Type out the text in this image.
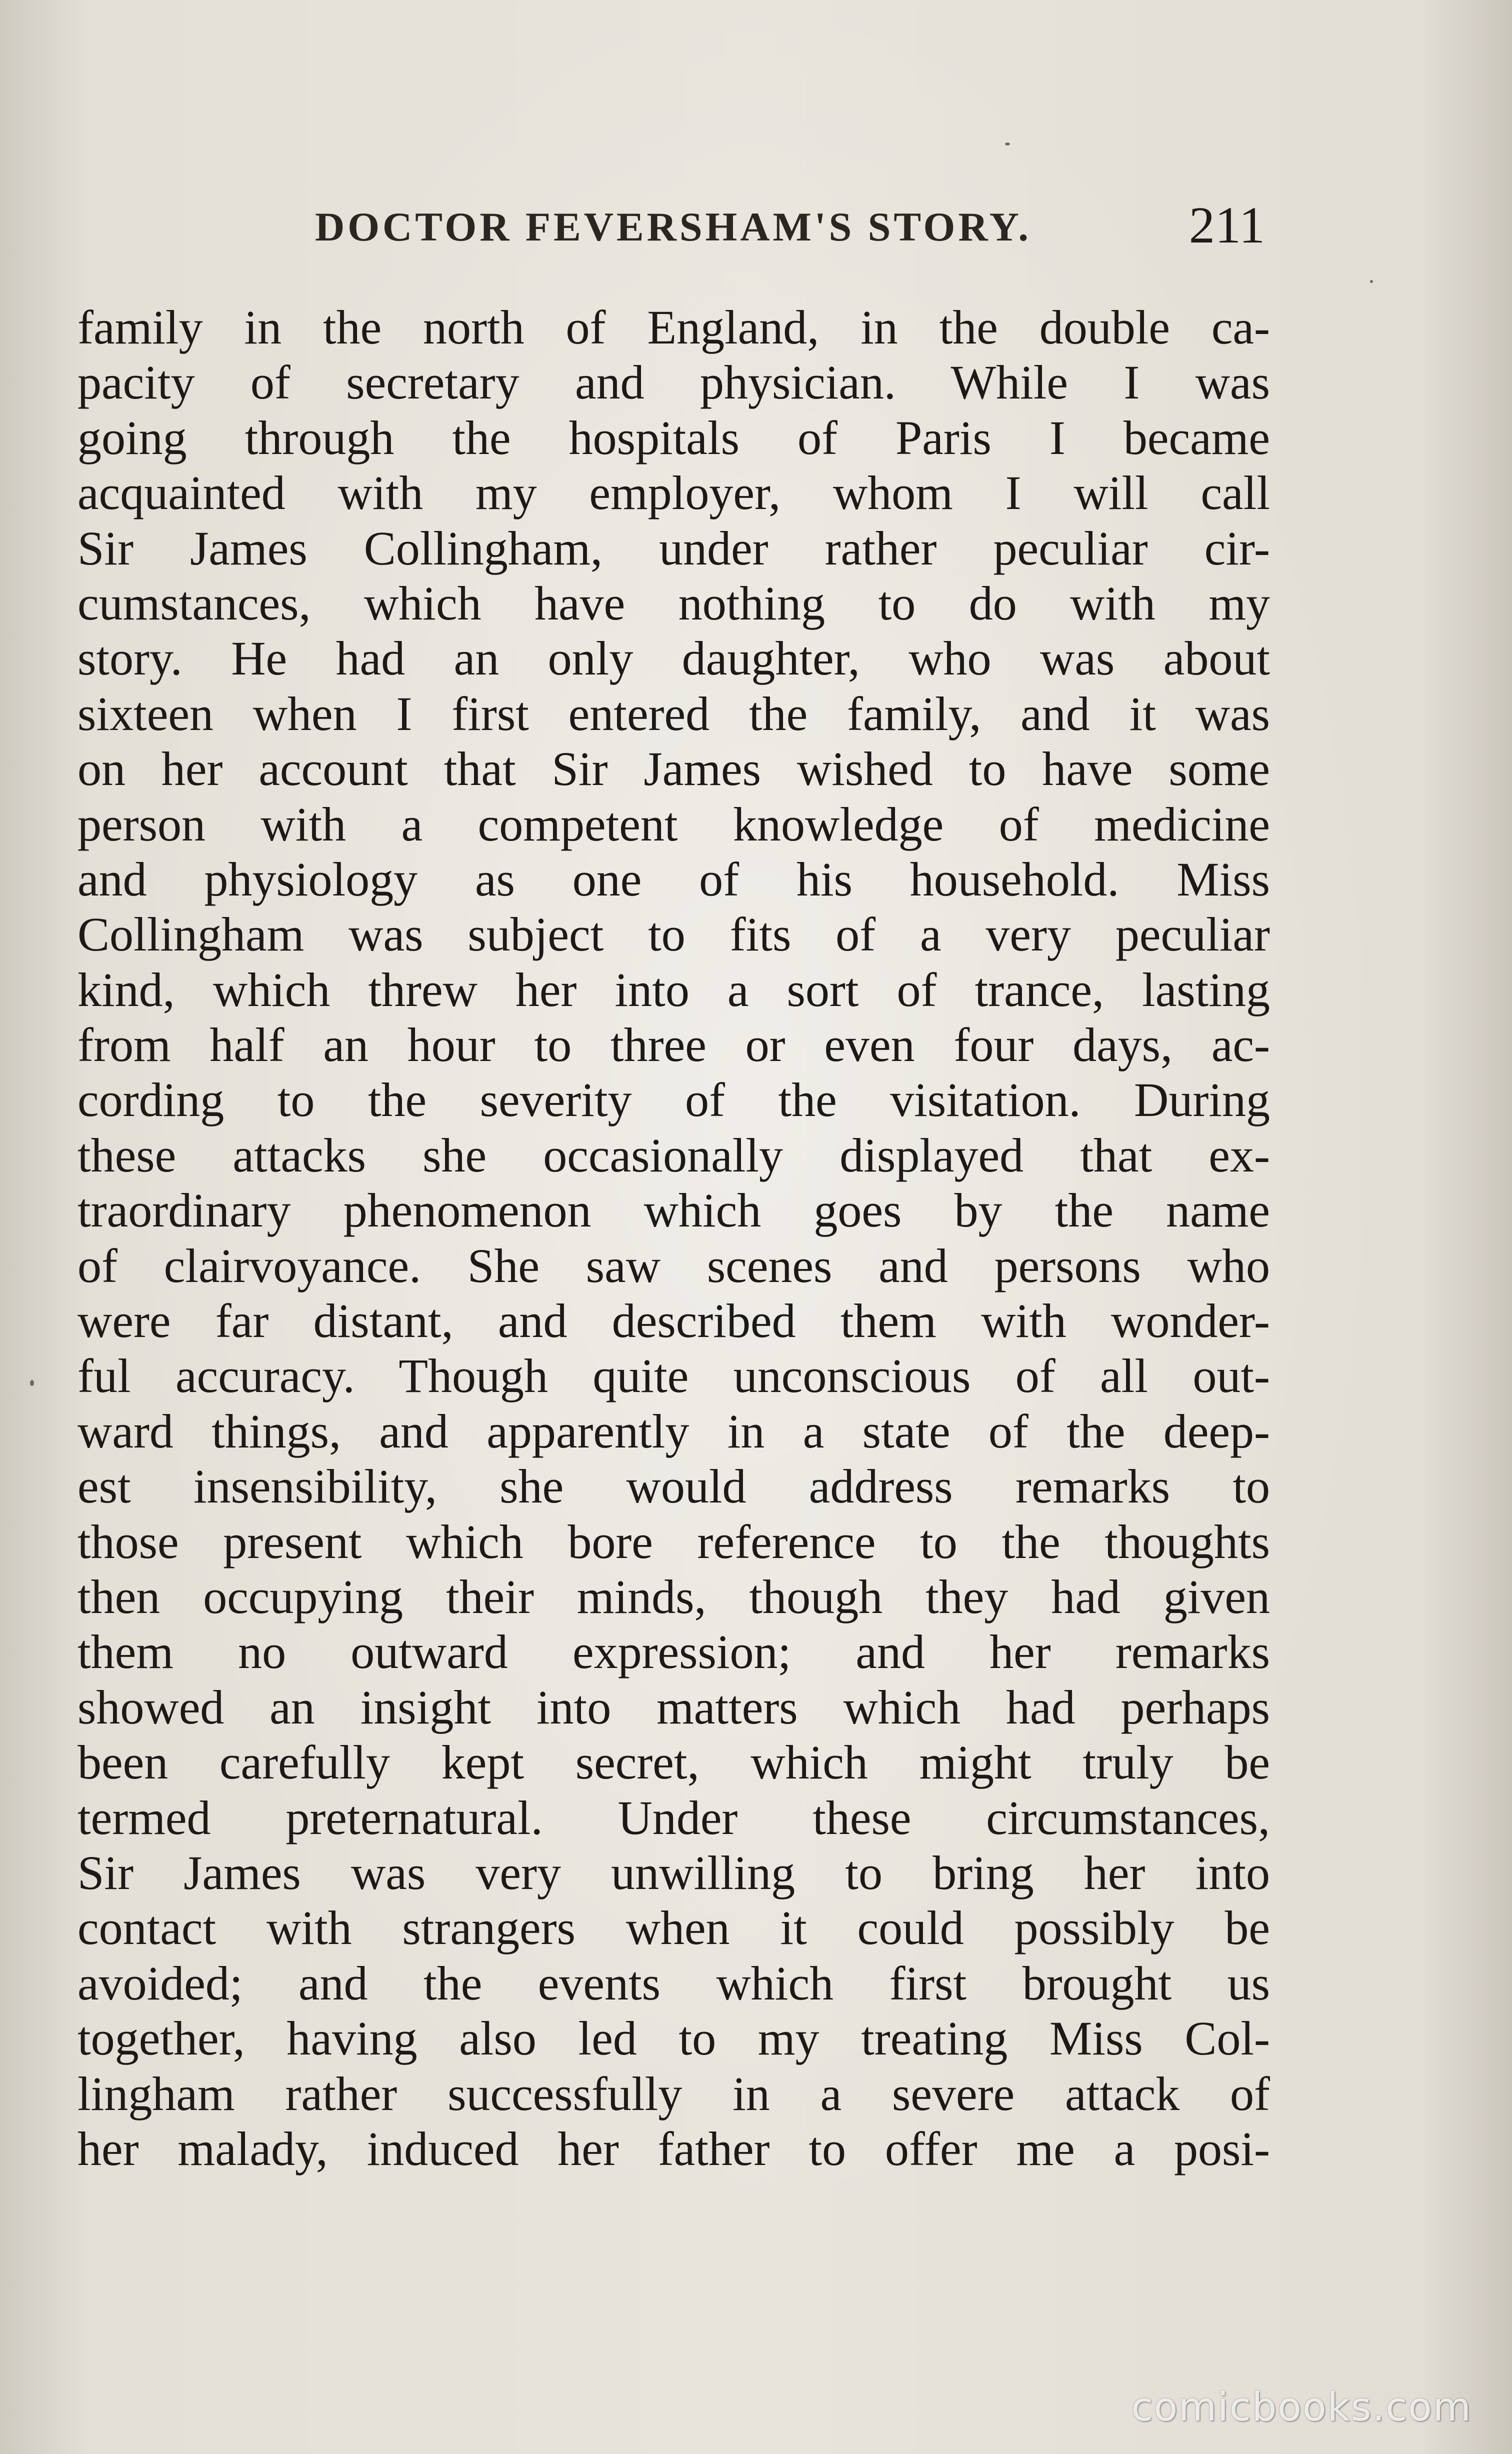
DOCTOR FEVERSHAM'S STORY.	211
family in the north of England, in the double ca-
pacity of secretary and physician. While I was
going through the hospitals of Paris I became
acquainted with my employer, whom I will call
Sir James Collingham, under rather peculiar cir-
cumstances, which have nothing to do with my
story. He had an only daughter, who was about
sixteen when I first entered the family, and it was
on her account that Sir James wished to have some
person with a competent knowledge of medicine
and physiology as one of his household. Miss
Collingham was subject to fits of a very peculiar
kind, which threw her into a sort of trance, lasting
from half an hour to three or even four days, ac-
cording to the severity of the visitation. During
these attacks she occasionally displayed that ex-
traordinary phenomenon which goes by the name
of clairvoyance. She saw scenes and persons who
were far distant, and described them with wonder-
ful accuracy. Though quite unconscious of all out-
ward things, and apparently in a state of the deep-
est insensibility, she would address remarks to
those present which bore reference to the thoughts
then occupying their minds, though they had given
them no outward expression; and her remarks
showed an insight into matters which had perhaps
been carefully kept secret, which might truly be
termed preternatural. Under these circumstances,
Sir James was very unwilling to bring her into
contact with strangers when it could possibly be
avoided; and the events which first brought us
together, having also led to my treating Miss Col-
lingham rather successfully in a severe attack of
her malady, induced her father to offer me a posi-
comicbooks.com
